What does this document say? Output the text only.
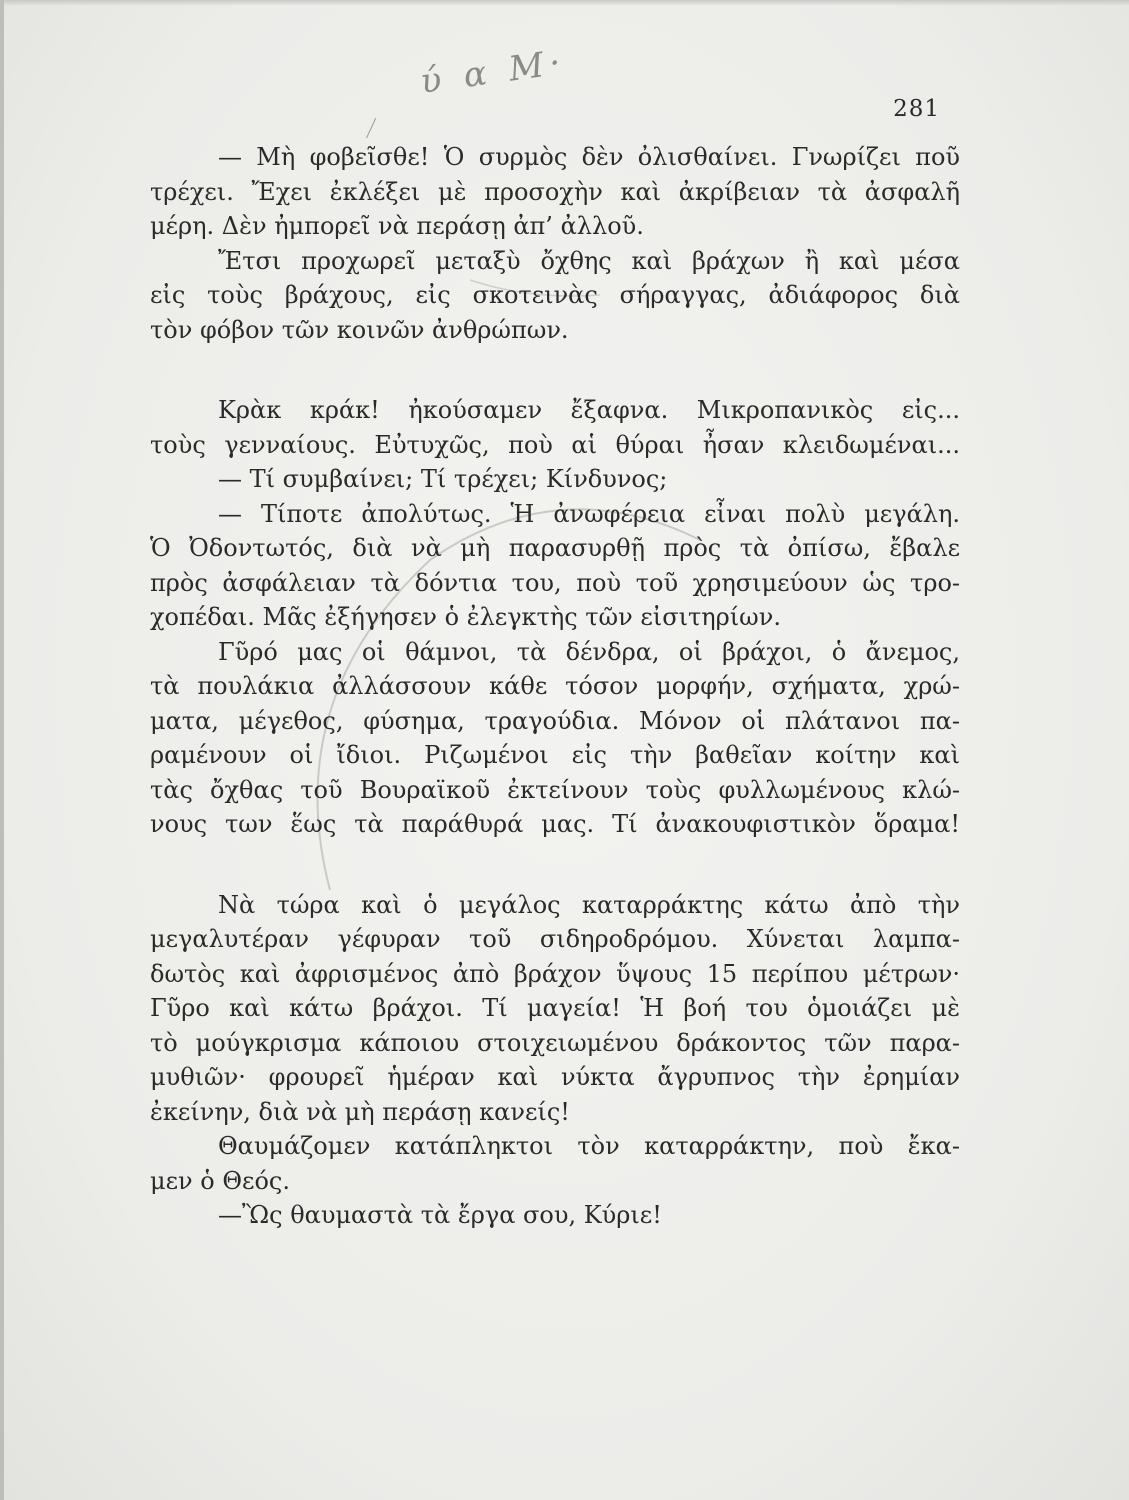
ύ α Μ·
281
— Μὴ φοβεῖσθε! Ὁ συρμὸς δὲν ὀλισθαίνει. Γνωρίζει ποῦ
τρέχει. Ἔχει ἐκλέξει μὲ προσοχὴν καὶ ἀκρίβειαν τὰ ἀσφαλῆ
μέρη. Δὲν ἠμπορεῖ νὰ περάσῃ ἀπ’ ἀλλοῦ.
Ἔτσι προχωρεῖ μεταξὺ ὄχθης καὶ βράχων ἢ καὶ μέσα
εἰς τοὺς βράχους, εἰς σκοτεινὰς σήραγγας, ἀδιάφορος διὰ
τὸν φόβον τῶν κοινῶν ἀνθρώπων.
Κρὰκ κράκ! ἠκούσαμεν ἔξαφνα. Μικροπανικὸς εἰς...
τοὺς γενναίους. Εὐτυχῶς, ποὺ αἱ θύραι ἦσαν κλειδωμέναι...
— Τί συμβαίνει; Τί τρέχει; Κίνδυνος;
— Τίποτε ἀπολύτως. Ἡ ἀνωφέρεια εἶναι πολὺ μεγάλη.
Ὁ Ὀδοντωτός, διὰ νὰ μὴ παρασυρθῇ πρὸς τὰ ὀπίσω, ἔβαλε
πρὸς ἀσφάλειαν τὰ δόντια του, ποὺ τοῦ χρησιμεύουν ὡς τρο-
χοπέδαι. Μᾶς ἐξήγησεν ὁ ἐλεγκτὴς τῶν εἰσιτηρίων.
Γῦρό μας οἱ θάμνοι, τὰ δένδρα, οἱ βράχοι, ὁ ἄνεμος,
τὰ πουλάκια ἀλλάσσουν κάθε τόσον μορφήν, σχήματα, χρώ-
ματα, μέγεθος, φύσημα, τραγούδια. Μόνον οἱ πλάτανοι πα-
ραμένουν οἱ ἴδιοι. Ριζωμένοι εἰς τὴν βαθεῖαν κοίτην καὶ
τὰς ὄχθας τοῦ Βουραϊκοῦ ἐκτείνουν τοὺς φυλλωμένους κλώ-
νους των ἕως τὰ παράθυρά μας. Τί ἀνακουφιστικὸν ὅραμα!
Νὰ τώρα καὶ ὁ μεγάλος καταρράκτης κάτω ἀπὸ τὴν
μεγαλυτέραν γέφυραν τοῦ σιδηροδρόμου. Χύνεται λαμπα-
δωτὸς καὶ ἀφρισμένος ἀπὸ βράχον ὕψους 15 περίπου μέτρων·
Γῦρο καὶ κάτω βράχοι. Τί μαγεία! Ἡ βοή του ὁμοιάζει μὲ
τὸ μούγκρισμα κάποιου στοιχειωμένου δράκοντος τῶν παρα-
μυθιῶν· φρουρεῖ ἡμέραν καὶ νύκτα ἄγρυπνος τὴν ἐρημίαν
ἐκείνην, διὰ νὰ μὴ περάσῃ κανείς!
Θαυμάζομεν κατάπληκτοι τὸν καταρράκτην, ποὺ ἔκα-
μεν ὁ Θεός.
—Ὢς θαυμαστὰ τὰ ἔργα σου, Κύριε!
